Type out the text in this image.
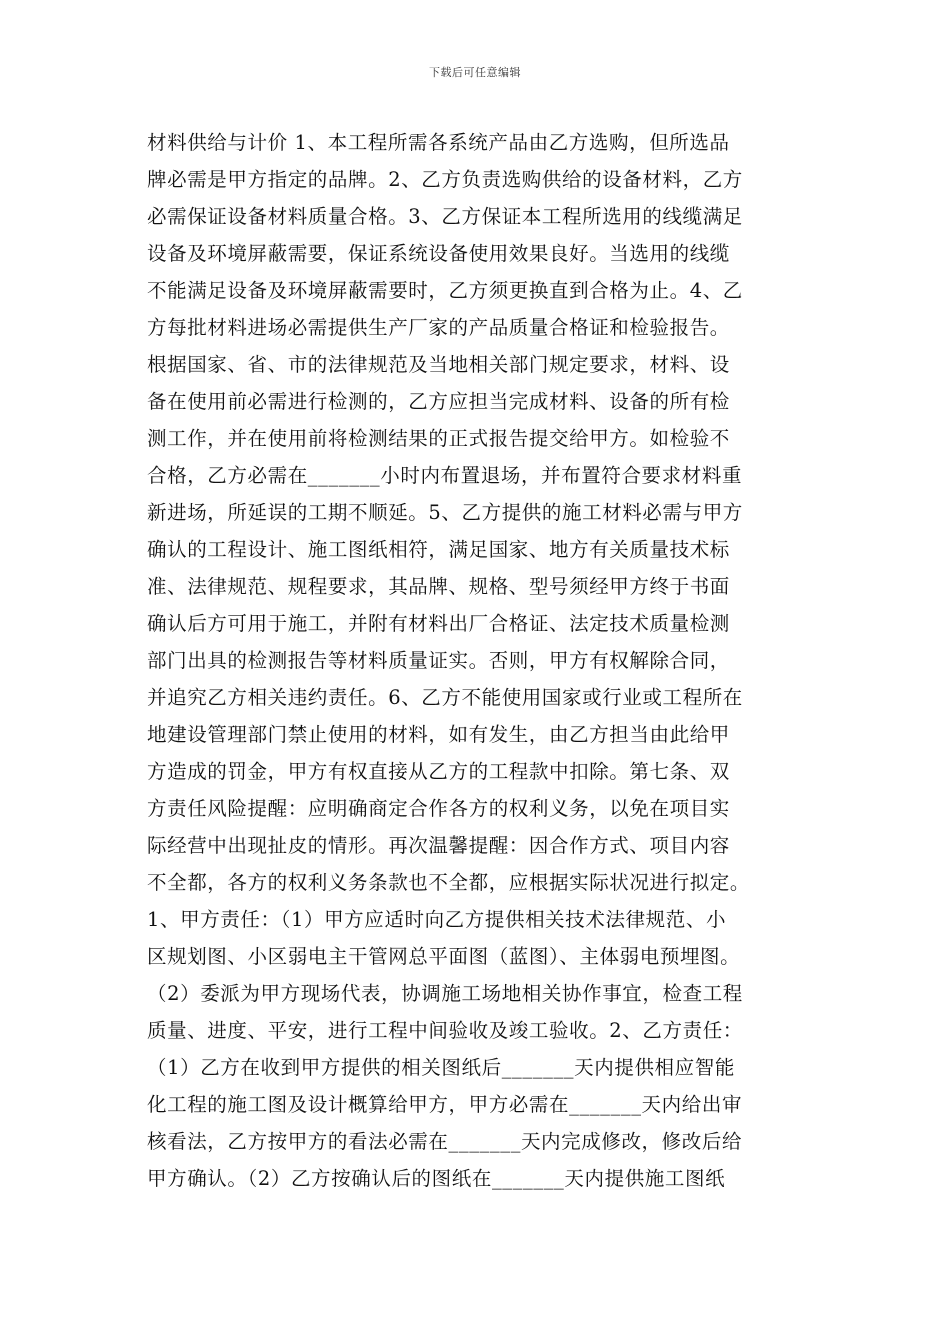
下载后可任意编辑
材料供给与计价 1、本工程所需各系统产品由乙方选购，但所选品
牌必需是甲方指定的品牌。2、乙方负责选购供给的设备材料，乙方
必需保证设备材料质量合格。3、乙方保证本工程所选用的线缆满足
设备及环境屏蔽需要，保证系统设备使用效果良好。当选用的线缆
不能满足设备及环境屏蔽需要时，乙方须更换直到合格为止。4、乙
方每批材料进场必需提供生产厂家的产品质量合格证和检验报告。
根据国家、省、市的法律规范及当地相关部门规定要求，材料、设
备在使用前必需进行检测的，乙方应担当完成材料、设备的所有检
测工作，并在使用前将检测结果的正式报告提交给甲方。如检验不
合格，乙方必需在_______小时内布置退场，并布置符合要求材料重
新进场，所延误的工期不顺延。5、乙方提供的施工材料必需与甲方
确认的工程设计、施工图纸相符，满足国家、地方有关质量技术标
准、法律规范、规程要求，其品牌、规格、型号须经甲方终于书面
确认后方可用于施工，并附有材料出厂合格证、法定技术质量检测
部门出具的检测报告等材料质量证实。否则，甲方有权解除合同，
并追究乙方相关违约责任。6、乙方不能使用国家或行业或工程所在
地建设管理部门禁止使用的材料，如有发生，由乙方担当由此给甲
方造成的罚金，甲方有权直接从乙方的工程款中扣除。第七条、双
方责任风险提醒：应明确商定合作各方的权利义务，以免在项目实
际经营中出现扯皮的情形。再次温馨提醒：因合作方式、项目内容
不全都，各方的权利义务条款也不全都，应根据实际状况进行拟定。
1、甲方责任：（1）甲方应适时向乙方提供相关技术法律规范、小
区规划图、小区弱电主干管网总平面图（蓝图）、主体弱电预埋图。
（2）委派为甲方现场代表，协调施工场地相关协作事宜，检查工程
质量、进度、平安，进行工程中间验收及竣工验收。2、乙方责任：
（1）乙方在收到甲方提供的相关图纸后_______天内提供相应智能
化工程的施工图及设计概算给甲方，甲方必需在_______天内给出审
核看法，乙方按甲方的看法必需在_______天内完成修改，修改后给
甲方确认。（2）乙方按确认后的图纸在_______天内提供施工图纸
